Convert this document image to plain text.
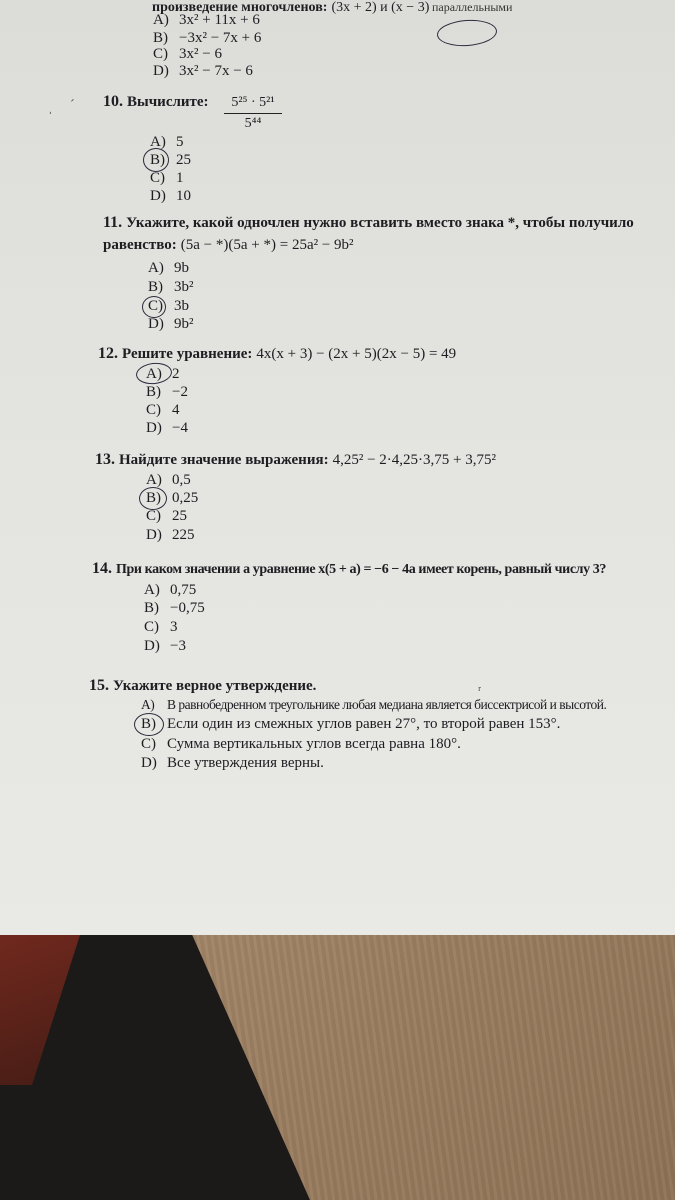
параллельными
произведение многочленов: (3x + 2) и (x − 3)
A) 3x² + 11x + 6
B) −3x² − 7x + 6
C) 3x² − 6
D) 3x² − 7x − 6
10. Вычислите:	5²⁵ · 5²¹
5⁴⁴
A) 5
B) 25
C) 1
D) 10
11. Укажите, какой одночлен нужно вставить вместо знака *, чтобы получило
равенство: (5a − *)(5a + *) = 25a² − 9b²
A) 9b
B) 3b²
C) 3b
D) 9b²
12. Решите уравнение: 4x(x + 3) − (2x + 5)(2x − 5) = 49
A) 2
B) −2
C) 4
D) −4
13. Найдите значение выражения: 4,25² − 2·4,25·3,75 + 3,75²
A) 0,5
B) 0,25
C) 25
D) 225
14. При каком значении a уравнение x(5 + a) = −6 − 4a имеет корень, равный числу 3?
A) 0,75
B) −0,75
C) 3
D) −3
15. Укажите верное утверждение.
A) В равнобедренном треугольнике любая медиана является биссектрисой и высотой.
B) Если один из смежных углов равен 27°, то второй равен 153°.
C) Сумма вертикальных углов всегда равна 180°.
D) Все утверждения верны.
ˌ ˊ
ʳ
